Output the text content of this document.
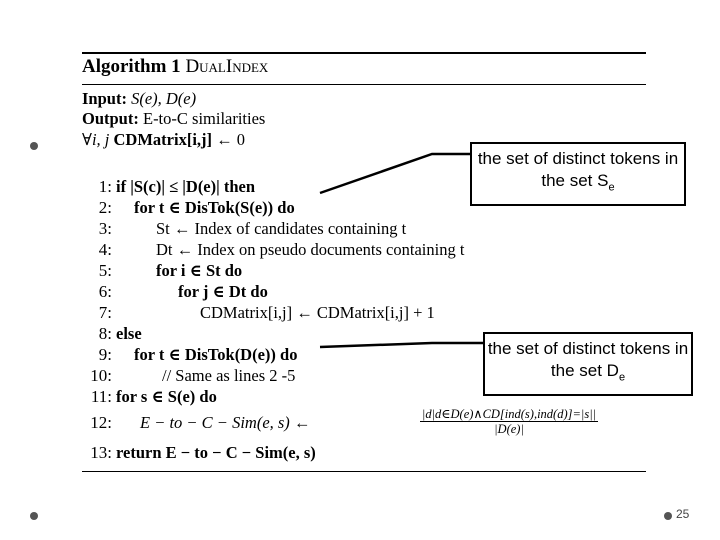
Algorithm 1 DualIndex
Input: S(e), D(e)
Output: E-to-C similarities
∀i, j CDMatrix[i,j] ← 0
1: if |S(c)| ≤ |D(e)| then
2: for t ∈ DisTok(S(e)) do
3:	St ← Index of candidates containing t
4:	Dt ← Index on pseudo documents containing t
5:	for i ∈ St do
6:	for j ∈ Dt do
7:	CDMatrix[i,j] ← CDMatrix[i,j] + 1
8: else
9: for t ∈ DisTok(D(e)) do
10:	// Same as lines 2 -5
11: for s ∈ S(e) do
12: E − to − C − Sim(e, s) ←	|d|d∈D(e)∧CD[ind(s),ind(d)]=|s||
|D(e)|
13: return E − to − C − Sim(e, s)
the set of distinct tokens in the set $S_e$
the set of distinct tokens in the set $D_e$
25
